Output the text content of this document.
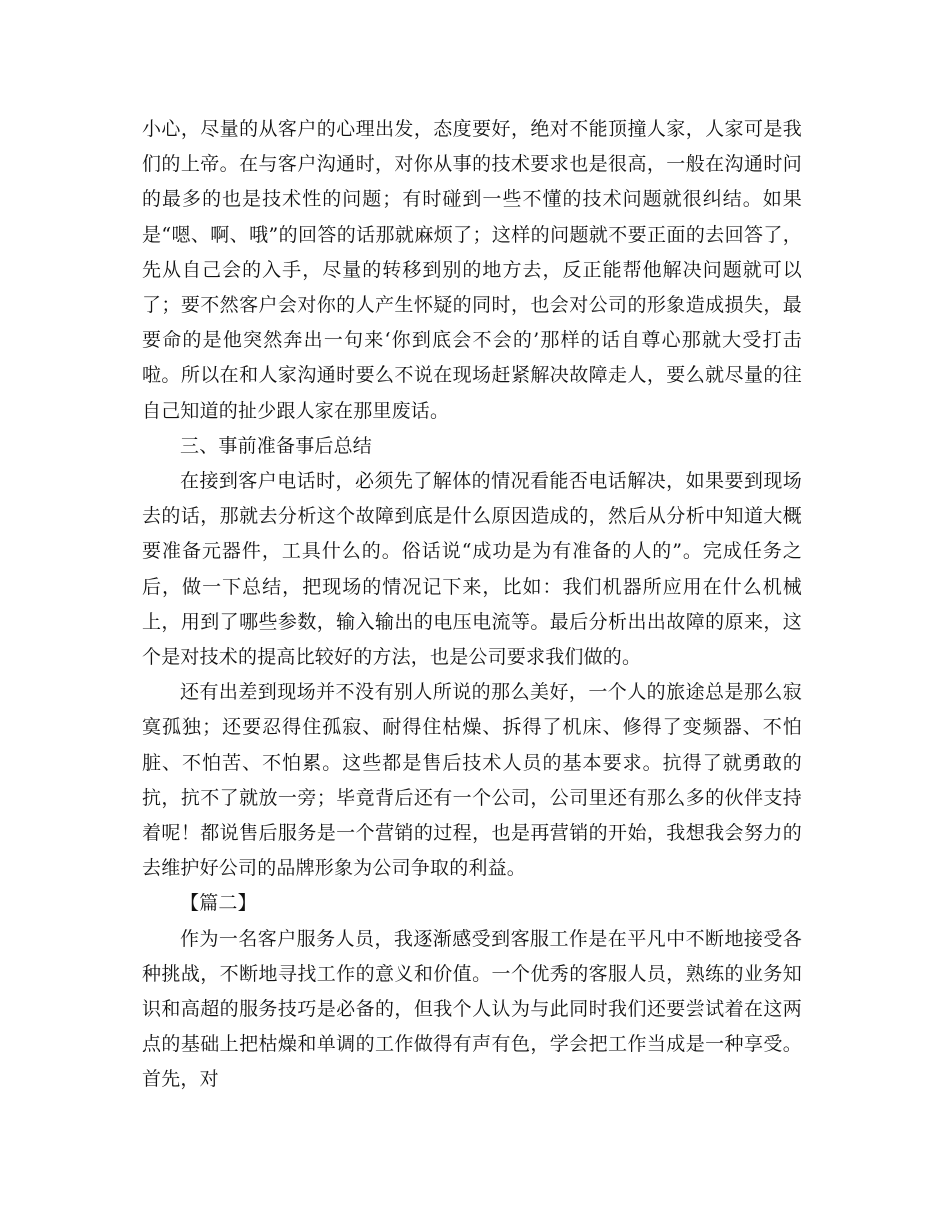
小心，尽量的从客户的心理出发，态度要好，绝对不能顶撞人家，人家可是我们的上帝。在与客户沟通时，对你从事的技术要求也是很高，一般在沟通时问的最多的也是技术性的问题；有时碰到一些不懂的技术问题就很纠结。如果是“嗯、啊、哦”的回答的话那就麻烦了；这样的问题就不要正面的去回答了，先从自己会的入手，尽量的转移到别的地方去，反正能帮他解决问题就可以了；要不然客户会对你的人产生怀疑的同时，也会对公司的形象造成损失，最要命的是他突然奔出一句来‘你到底会不会的’那样的话自尊心那就大受打击啦。所以在和人家沟通时要么不说在现场赶紧解决故障走人，要么就尽量的往自己知道的扯少跟人家在那里废话。

三、事前准备事后总结

在接到客户电话时，必须先了解体的情况看能否电话解决，如果要到现场去的话，那就去分析这个故障到底是什么原因造成的，然后从分析中知道大概要准备元器件，工具什么的。俗话说“成功是为有准备的人的”。完成任务之后，做一下总结，把现场的情况记下来，比如：我们机器所应用在什么机械上，用到了哪些参数，输入输出的电压电流等。最后分析出出故障的原来，这个是对技术的提高比较好的方法，也是公司要求我们做的。

还有出差到现场并不没有别人所说的那么美好，一个人的旅途总是那么寂寞孤独；还要忍得住孤寂、耐得住枯燥、拆得了机床、修得了变频器、不怕脏、不怕苦、不怕累。这些都是售后技术人员的基本要求。抗得了就勇敢的抗，抗不了就放一旁；毕竟背后还有一个公司，公司里还有那么多的伙伴支持着呢！都说售后服务是一个营销的过程，也是再营销的开始，我想我会努力的去维护好公司的品牌形象为公司争取的利益。

【篇二】

作为一名客户服务人员，我逐渐感受到客服工作是在平凡中不断地接受各种挑战，不断地寻找工作的意义和价值。一个优秀的客服人员，熟练的业务知识和高超的服务技巧是必备的，但我个人认为与此同时我们还要尝试着在这两点的基础上把枯燥和单调的工作做得有声有色，学会把工作当成是一种享受。首先，对
